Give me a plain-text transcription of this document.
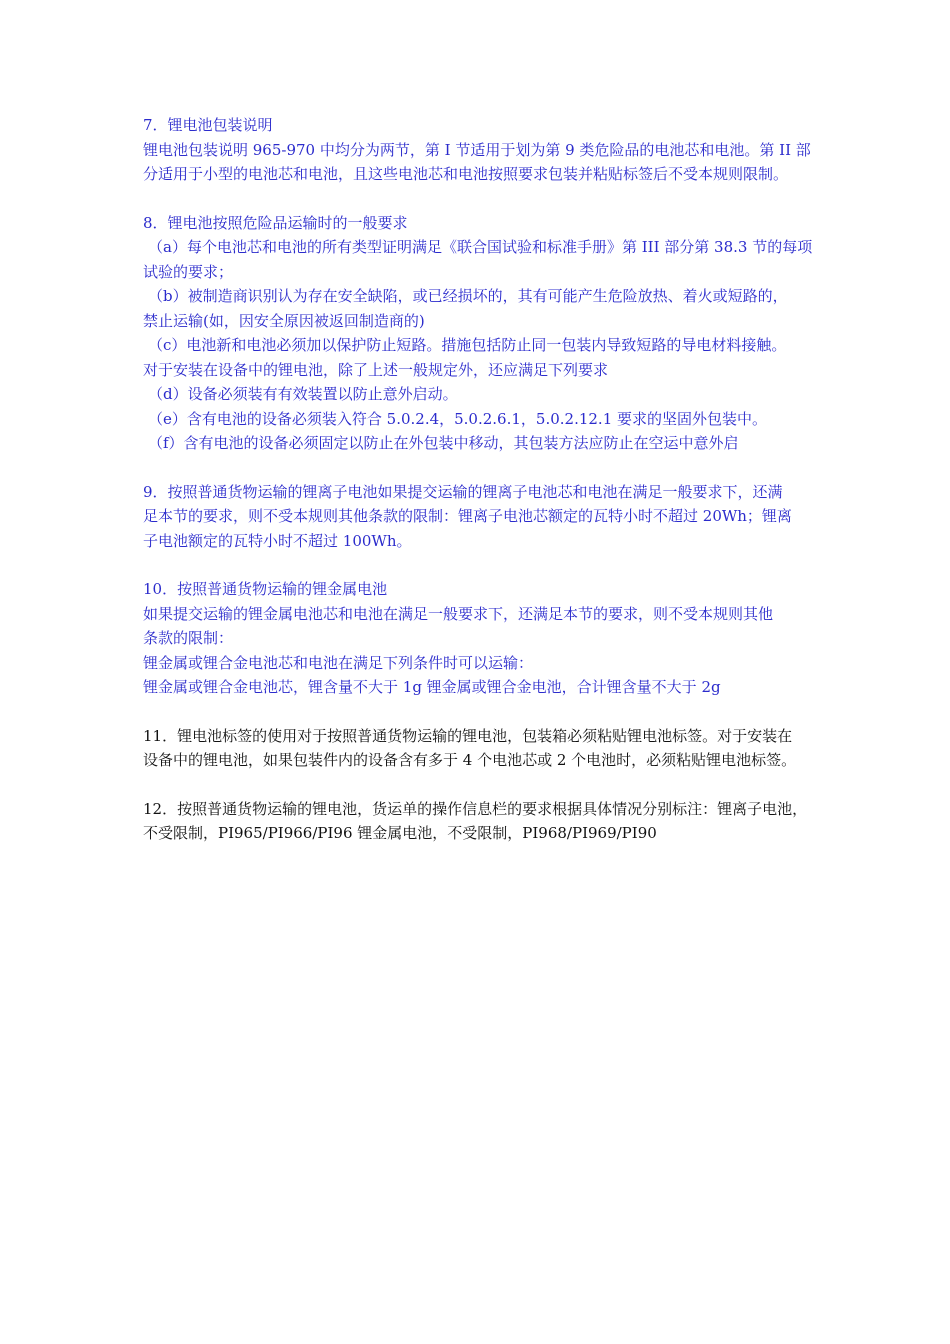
7．锂电池包装说明

锂电池包装说明 965-970 中均分为两节，第 I 节适用于划为第 9 类危险品的电池芯和电池。第 II 部

分适用于小型的电池芯和电池，且这些电池芯和电池按照要求包装并粘贴标签后不受本规则限制。

8．锂电池按照危险品运输时的一般要求

（a）每个电池芯和电池的所有类型证明满足《联合国试验和标准手册》第 III 部分第 38.3 节的每项

试验的要求；

（b）被制造商识别认为存在安全缺陷，或已经损坏的，其有可能产生危险放热、着火或短路的，

禁止运输(如，因安全原因被返回制造商的)

（c）电池新和电池必须加以保护防止短路。措施包括防止同一包装内导致短路的导电材料接触。

对于安装在设备中的锂电池，除了上述一般规定外，还应满足下列要求

（d）设备必须装有有效装置以防止意外启动。

（e）含有电池的设备必须装入符合 5.0.2.4，5.0.2.6.1，5.0.2.12.1 要求的坚固外包装中。

（f）含有电池的设备必须固定以防止在外包装中移动，其包装方法应防止在空运中意外启

9．按照普通货物运输的锂离子电池如果提交运输的锂离子电池芯和电池在满足一般要求下，还满

足本节的要求，则不受本规则其他条款的限制：锂离子电池芯额定的瓦特小时不超过 20Wh；锂离

子电池额定的瓦特小时不超过 100Wh。

10．按照普通货物运输的锂金属电池

如果提交运输的锂金属电池芯和电池在满足一般要求下，还满足本节的要求，则不受本规则其他

条款的限制：

锂金属或锂合金电池芯和电池在满足下列条件时可以运输：

锂金属或锂合金电池芯，锂含量不大于 1g 锂金属或锂合金电池，合计锂含量不大于 2g

11．锂电池标签的使用对于按照普通货物运输的锂电池，包装箱必须粘贴锂电池标签。对于安装在

设备中的锂电池，如果包装件内的设备含有多于 4 个电池芯或 2 个电池时，必须粘贴锂电池标签。

12．按照普通货物运输的锂电池，货运单的操作信息栏的要求根据具体情况分别标注：锂离子电池，

不受限制，PI965/PI966/PI96 锂金属电池，不受限制，PI968/PI969/PI90
